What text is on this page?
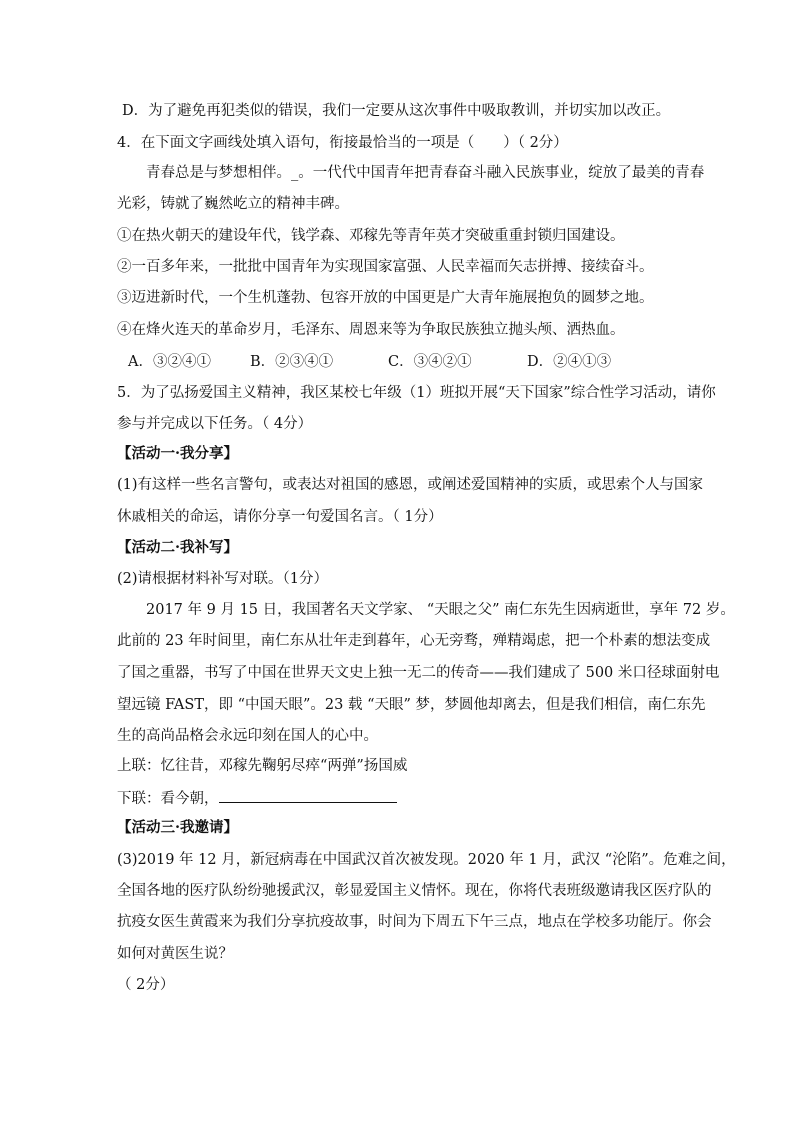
D．为了避免再犯类似的错误，我们一定要从这次事件中吸取教训，并切实加以改正。
4．在下面文字画线处填入语句，衔接最恰当的一项是（　　）（ 2分）
青春总是与梦想相伴。_。一代代中国青年把青春奋斗融入民族事业，绽放了最美的青春
光彩，铸就了巍然屹立的精神丰碑。
①在热火朝天的建设年代，钱学森、邓稼先等青年英才突破重重封锁归国建设。
②一百多年来，一批批中国青年为实现国家富强、人民幸福而矢志拼搏、接续奋斗。
③迈进新时代，一个生机蓬勃、包容开放的中国更是广大青年施展抱负的圆梦之地。
④在烽火连天的革命岁月，毛泽东、周恩来等为争取民族独立抛头颅、洒热血。
A．③②④①	B．②③④①	C．③④②①	D．②④①③
5．为了弘扬爱国主义精神，我区某校七年级（1）班拟开展“天下国家”综合性学习活动，请你
参与并完成以下任务。（ 4分）
【活动一·我分享】
(1)有这样一些名言警句，或表达对祖国的感恩，或阐述爱国精神的实质，或思索个人与国家
休戚相关的命运，请你分享一句爱国名言。（ 1分）
【活动二·我补写】
(2)请根据材料补写对联。（1分）
2017 年 9 月 15 日，我国著名天文学家、 “天眼之父” 南仁东先生因病逝世，享年 72 岁。
此前的 23 年时间里，南仁东从壮年走到暮年，心无旁骛，殚精竭虑，把一个朴素的想法变成
了国之重器，书写了中国在世界天文史上独一无二的传奇——我们建成了 500 米口径球面射电
望远镜 FAST，即 “中国天眼”。23 载 “天眼” 梦，梦圆他却离去，但是我们相信，南仁东先
生的高尚品格会永远印刻在国人的心中。
上联：忆往昔，邓稼先鞠躬尽瘁“两弹”扬国威
下联：看今朝，
【活动三·我邀请】
(3)2019 年 12 月，新冠病毒在中国武汉首次被发现。2020 年 1 月，武汉 “沦陷”。危难之间，
全国各地的医疗队纷纷驰援武汉，彰显爱国主义情怀。现在，你将代表班级邀请我区医疗队的
抗疫女医生黄霞来为我们分享抗疫故事，时间为下周五下午三点，地点在学校多功能厅。你会
如何对黄医生说？
（ 2分）
